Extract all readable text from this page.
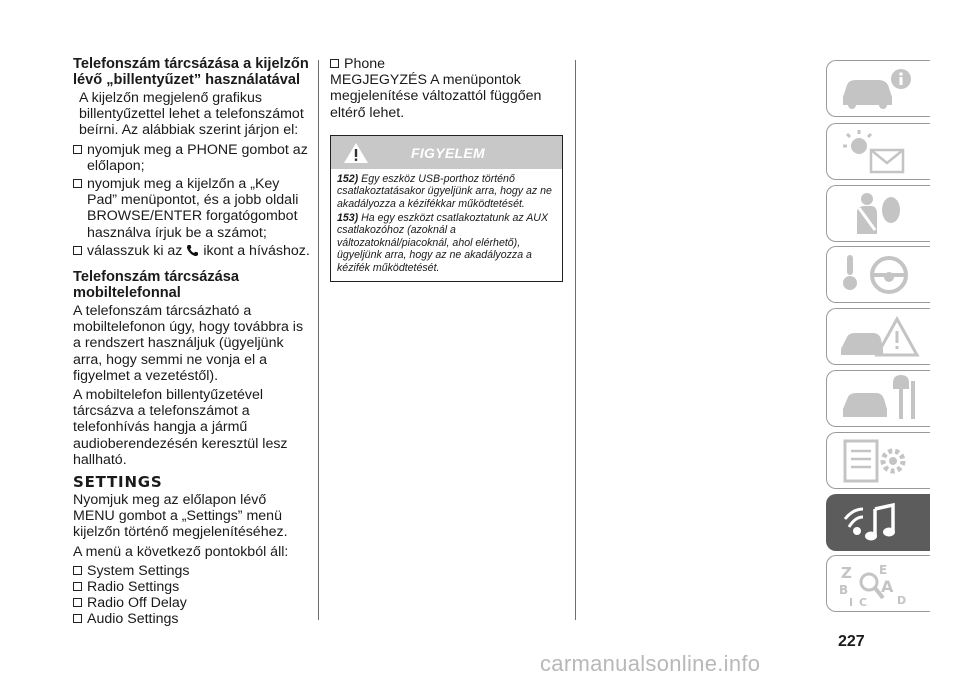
Telefonszám tárcsázása a kijelzőn lévő „billentyűzet” használatával

A kijelzőn megjelenő grafikus billentyűzettel lehet a telefonszámot beírni. Az alábbiak szerint járjon el:

nyomjuk meg a PHONE gombot az előlapon;
nyomjuk meg a kijelzőn a „Key Pad” menüpontot, és a jobb oldali BROWSE/ENTER forgatógombot használva írjuk be a számot;
válasszuk ki az ikont a híváshoz.
Telefonszám tárcsázása mobiltelefonnal

A telefonszám tárcsázható a mobiltelefonon úgy, hogy továbbra is a rendszert használjuk (ügyeljünk arra, hogy semmi ne vonja el a figyelmet a vezetéstől).

A mobiltelefon billentyűzetével tárcsázva a telefonszámot a telefonhívás hangja a jármű audioberendezésén keresztül lesz hallható.

SETTINGS

Nyomjuk meg az előlapon lévő MENU gombot a „Settings” menü kijelzőn történő megjelenítéséhez.

A menü a következő pontokból áll:

System Settings
Radio Settings
Radio Off Delay
Audio Settings
Phone

MEGJEGYZÉS A menüpontok megjelenítése változattól függően eltérő lehet.

FIGYELEM

152) Egy eszköz USB-porthoz történő csatlakoztatásakor ügyeljünk arra, hogy az ne akadályozza a kézifékkar működtetését.

153) Ha egy eszközt csatlakoztatunk az AUX csatlakozóhoz (azoknál a változatoknál/piacoknál, ahol elérhető), ügyeljünk arra, hogy az ne akadályozza a kézifék működtetését.

Z
B
I C
E
A
D
227
carmanualsonline.info
